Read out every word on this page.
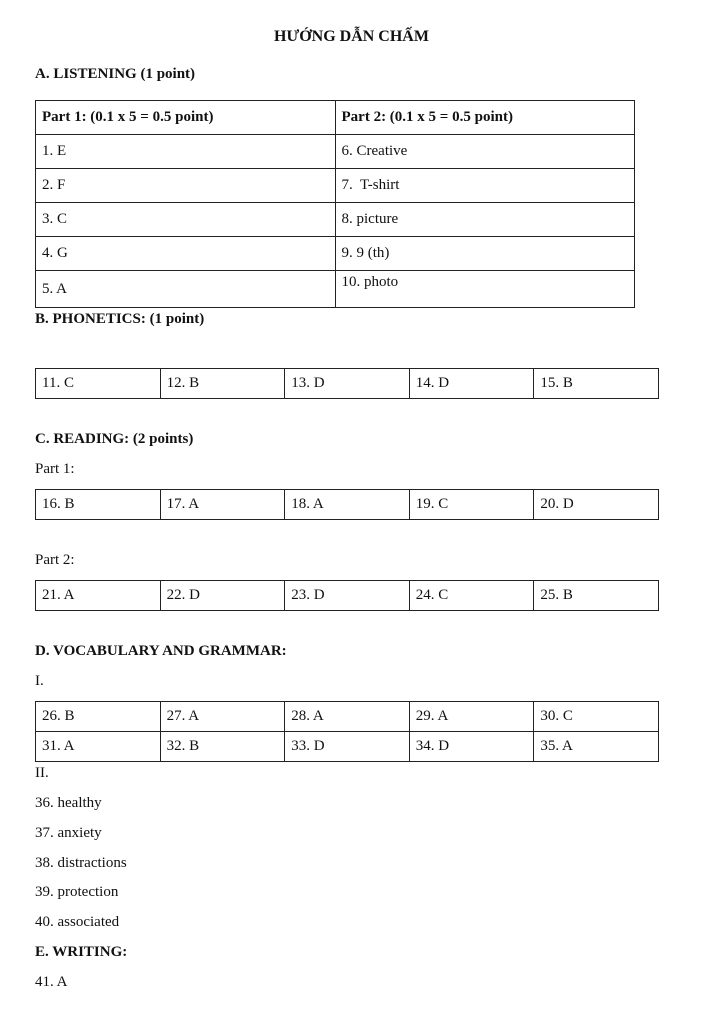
HƯỚNG DẪN CHẤM
A. LISTENING (1 point)
Part 1: (0.1 x 5 = 0.5 point)	Part 2: (0.1 x 5 = 0.5 point)
1. E	6. Creative
2. F	7.  T-shirt
3. C	8. picture
4. G	9. 9 (th)
5. A	10. photo
B. PHONETICS: (1 point)
11. C	12. B	13. D	14. D	15. B
C. READING: (2 points)
Part 1:
16. B	17. A	18. A	19. C	20. D
Part 2:
21. A	22. D	23. D	24. C	25. B
D. VOCABULARY AND GRAMMAR:
I.
26. B	27. A	28. A	29. A	30. C
31. A	32. B	33. D	34. D	35. A
II.
36. healthy
37. anxiety
38. distractions
39. protection
40. associated
E. WRITING:
41. A
